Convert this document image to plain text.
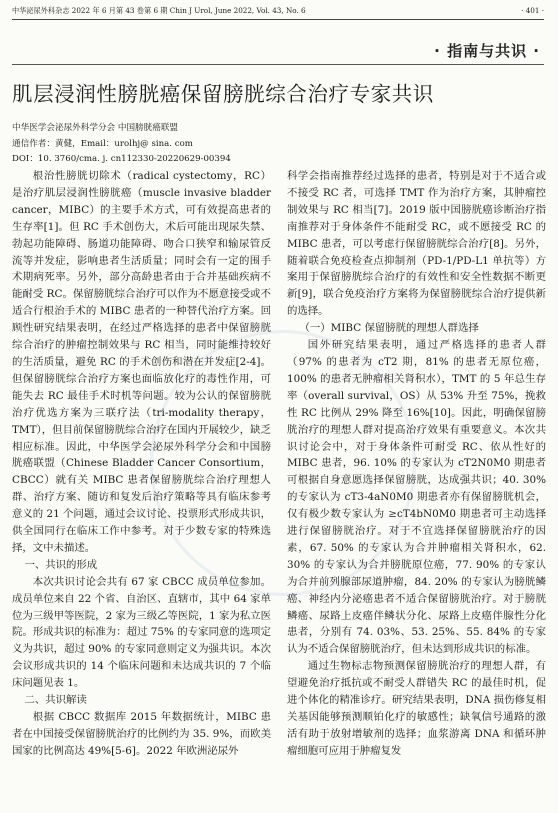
中华泌尿外科杂志 2022 年 6 月第 43 卷第 6 期 Chin J Urol, June 2022, Vol. 43, No. 6	· 401 ·
· 指南与共识 ·
肌层浸润性膀胱癌保留膀胱综合治疗专家共识
中华医学会泌尿外科学分会 中国膀胱癌联盟
通信作者：黄健，Email：urolhj@ sina. com
DOI：10. 3760/cma. j. cn112330-20220629-00394

根治性膀胱切除术（radical cystectomy，RC）是治疗肌层浸润性膀胱癌（muscle invasive bladder cancer，MIBC）的主要手术方式，可有效提高患者的生存率[1]。但 RC 手术创伤大，术后可能出现尿失禁、勃起功能障碍、肠道功能障碍、吻合口狭窄和输尿管反流等并发症，影响患者生活质量；同时会有一定的围手术期病死率。另外，部分高龄患者由于合并基础疾病不能耐受 RC。保留膀胱综合治疗可以作为不愿意接受或不适合行根治手术的 MIBC 患者的一种替代治疗方案。回顾性研究结果表明，在经过严格选择的患者中保留膀胱综合治疗的肿瘤控制效果与 RC 相当，同时能维持较好的生活质量，避免 RC 的手术创伤和潜在并发症[2-4]。但保留膀胱综合治疗方案也面临放化疗的毒性作用，可能失去 RC 最佳手术时机等问题。较为公认的保留膀胱治疗优选方案为三联疗法（tri-modality therapy，TMT），但目前保留膀胱综合治疗在国内开展较少，缺乏相应标准。因此，中华医学会泌尿外科学分会和中国膀胱癌联盟（Chinese Bladder Cancer Consortium，CBCC）就有关 MIBC 患者保留膀胱综合治疗理想人群、治疗方案、随访和复发后治疗策略等具有临床参考意义的 21 个问题，通过会议讨论、投票形式形成共识，供全国同行在临床工作中参考。对于少数专家的特殊选择，文中未描述。

一、共识的形成

本次共识讨论会共有 67 家 CBCC 成员单位参加。成员单位来自 22 个省、自治区、直辖市，其中 64 家单位为三级甲等医院，2 家为三级乙等医院，1 家为私立医院。形成共识的标准为：超过 75% 的专家同意的选项定义为共识，超过 90% 的专家同意则定义为强共识。本次会议形成共识的 14 个临床问题和未达成共识的 7 个临床问题见表 1。

二、共识解读

根据 CBCC 数据库 2015 年数据统计，MIBC 患者在中国接受保留膀胱治疗的比例约为 35. 9%，而欧美国家的比例高达 49%[5-6]。2022 年欧洲泌尿外

科学会指南推荐经过选择的患者，特别是对于不适合或不接受 RC 者，可选择 TMT 作为治疗方案，其肿瘤控制效果与 RC 相当[7]。2019 版中国膀胱癌诊断治疗指南推荐对于身体条件不能耐受 RC，或不愿接受 RC 的 MIBC 患者，可以考虑行保留膀胱综合治疗[8]。另外，随着联合免疫检查点抑制剂（PD-1/PD-L1 单抗等）方案用于保留膀胱综合治疗的有效性和安全性数据不断更新[9]，联合免疫治疗方案将为保留膀胱综合治疗提供新的选择。

（一）MIBC 保留膀胱的理想人群选择

国外研究结果表明，通过严格选择的患者人群（97% 的患者为 cT2 期，81% 的患者无原位癌，100% 的患者无肿瘤相关肾积水），TMT 的 5 年总生存率（overall survival，OS）从 53% 升至 75%，挽救性 RC 比例从 29% 降至 16%[10]。因此，明确保留膀胱治疗的理想人群对提高治疗效果有重要意义。本次共识讨论会中，对于身体条件可耐受 RC、依从性好的 MIBC 患者，96. 10% 的专家认为 cT2N0M0 期患者可根据自身意愿选择保留膀胱，达成强共识；40. 30% 的专家认为 cT3-4aN0M0 期患者亦有保留膀胱机会，仅有极少数专家认为 ≥cT4bN0M0 期患者可主动选择进行保留膀胱治疗。对于不宜选择保留膀胱治疗的因素，67. 50% 的专家认为合并肿瘤相关肾积水，62. 30% 的专家认为合并膀胱原位癌，77. 90% 的专家认为合并前列腺部尿道肿瘤，84. 20% 的专家认为膀胱鳞癌、神经内分泌癌患者不适合保留膀胱治疗。对于膀胱鳞癌、尿路上皮癌伴鳞状分化、尿路上皮癌伴腺性分化患者，分别有 74. 03%、53. 25%、55. 84% 的专家认为不适合保留膀胱治疗，但未达到形成共识的标准。

通过生物标志物预测保留膀胱治疗的理想人群，有望避免治疗抵抗或不耐受人群错失 RC 的最佳时机，促进个体化的精准诊疗。研究结果表明，DNA 损伤修复相关基因能够预测顺铂化疗的敏感性；缺氧信号通路的激活有助于放射增敏剂的选择；血浆游离 DNA 和循环肿瘤细胞可应用于肿瘤复发
